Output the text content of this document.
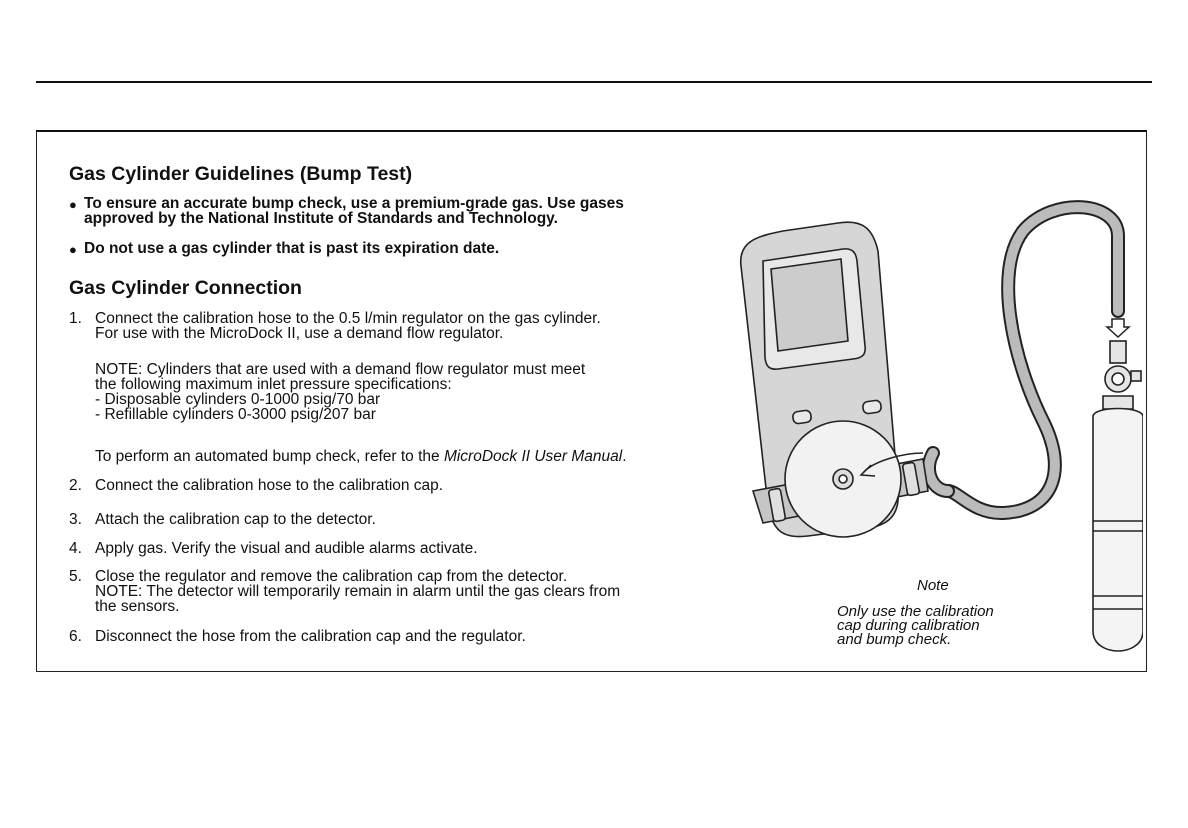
Gas Cylinder Guidelines (Bump Test)
● To ensure an accurate bump check, use a premium-grade gas. Use gases
approved by the National Institute of Standards and Technology.
● Do not use a gas cylinder that is past its expiration date.
Gas Cylinder Connection
1. Connect the calibration hose to the 0.5 l/min regulator on the gas cylinder.
For use with the MicroDock II, use a demand flow regulator.
NOTE: Cylinders that are used with a demand flow regulator must meet
the following maximum inlet pressure specifications:
- Disposable cylinders 0-1000 psig/70 bar
- Refillable cylinders 0-3000 psig/207 bar
To perform an automated bump check, refer to the MicroDock II User Manual.
2. Connect the calibration hose to the calibration cap.
3. Attach the calibration cap to the detector.
4. Apply gas. Verify the visual and audible alarms activate.
5. Close the regulator and remove the calibration cap from the detector.
NOTE: The detector will temporarily remain in alarm until the gas clears from
the sensors.
6. Disconnect the hose from the calibration cap and the regulator.
Note
Only use the calibration
cap during calibration
and bump check.
